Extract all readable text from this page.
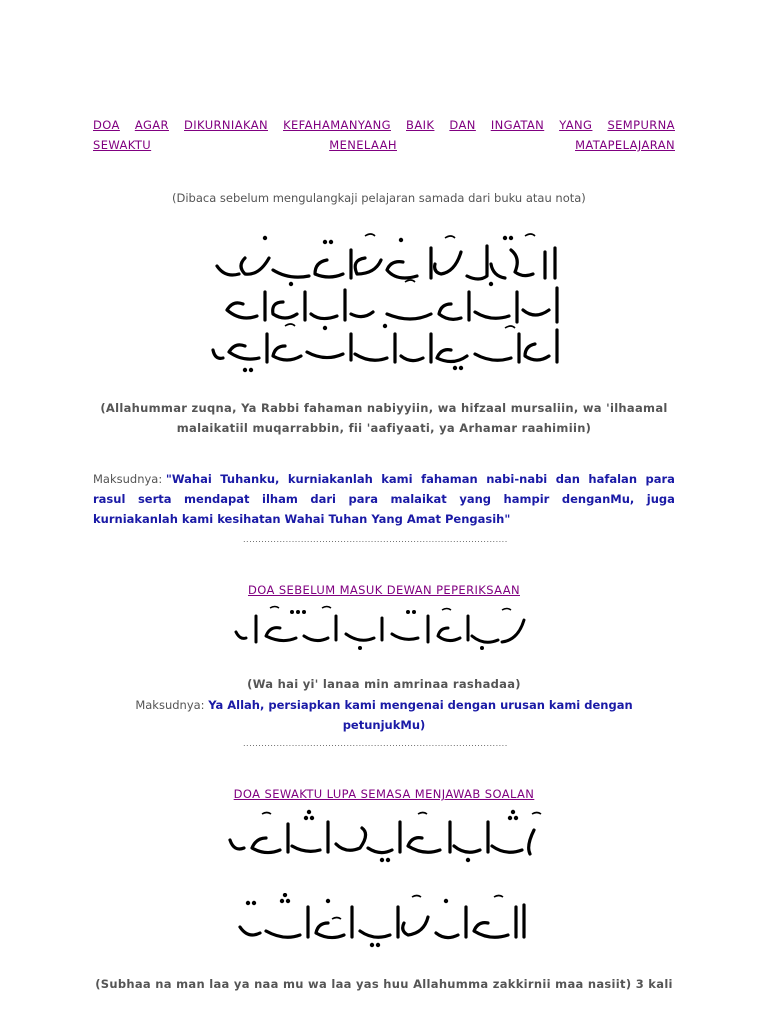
DOA AGAR DIKURNIAKAN KEFAHAMANYANG BAIK DAN INGATAN YANG SEMPURNA
SEWAKTU	MENELAAH	MATAPELAJARAN
(Dibaca sebelum mengulangkaji pelajaran samada dari buku atau nota)
(Allahummar zuqna, Ya Rabbi fahaman nabiyyiin, wa hifzaal mursaliin, wa 'ilhaamal
malaikatiil muqarrabbin, fii 'aafiyaati, ya Arhamar raahimiin)
Maksudnya: "Wahai Tuhanku, kurniakanlah kami fahaman nabi-nabi dan hafalan para
rasul serta mendapat ilham dari para malaikat yang hampir denganMu, juga
kurniakanlah kami kesihatan Wahai Tuhan Yang Amat Pengasih"
.......................................................................................
DOA SEBELUM MASUK DEWAN PEPERIKSAAN
(Wa hai yi' lanaa min amrinaa rashadaa)
Maksudnya: Ya Allah, persiapkan kami mengenai dengan urusan kami dengan
petunjukMu)
.......................................................................................
DOA SEWAKTU LUPA SEMASA MENJAWAB SOALAN
(Subhaa na man laa ya naa mu wa laa yas huu Allahumma zakkirnii maa nasiit) 3 kali
